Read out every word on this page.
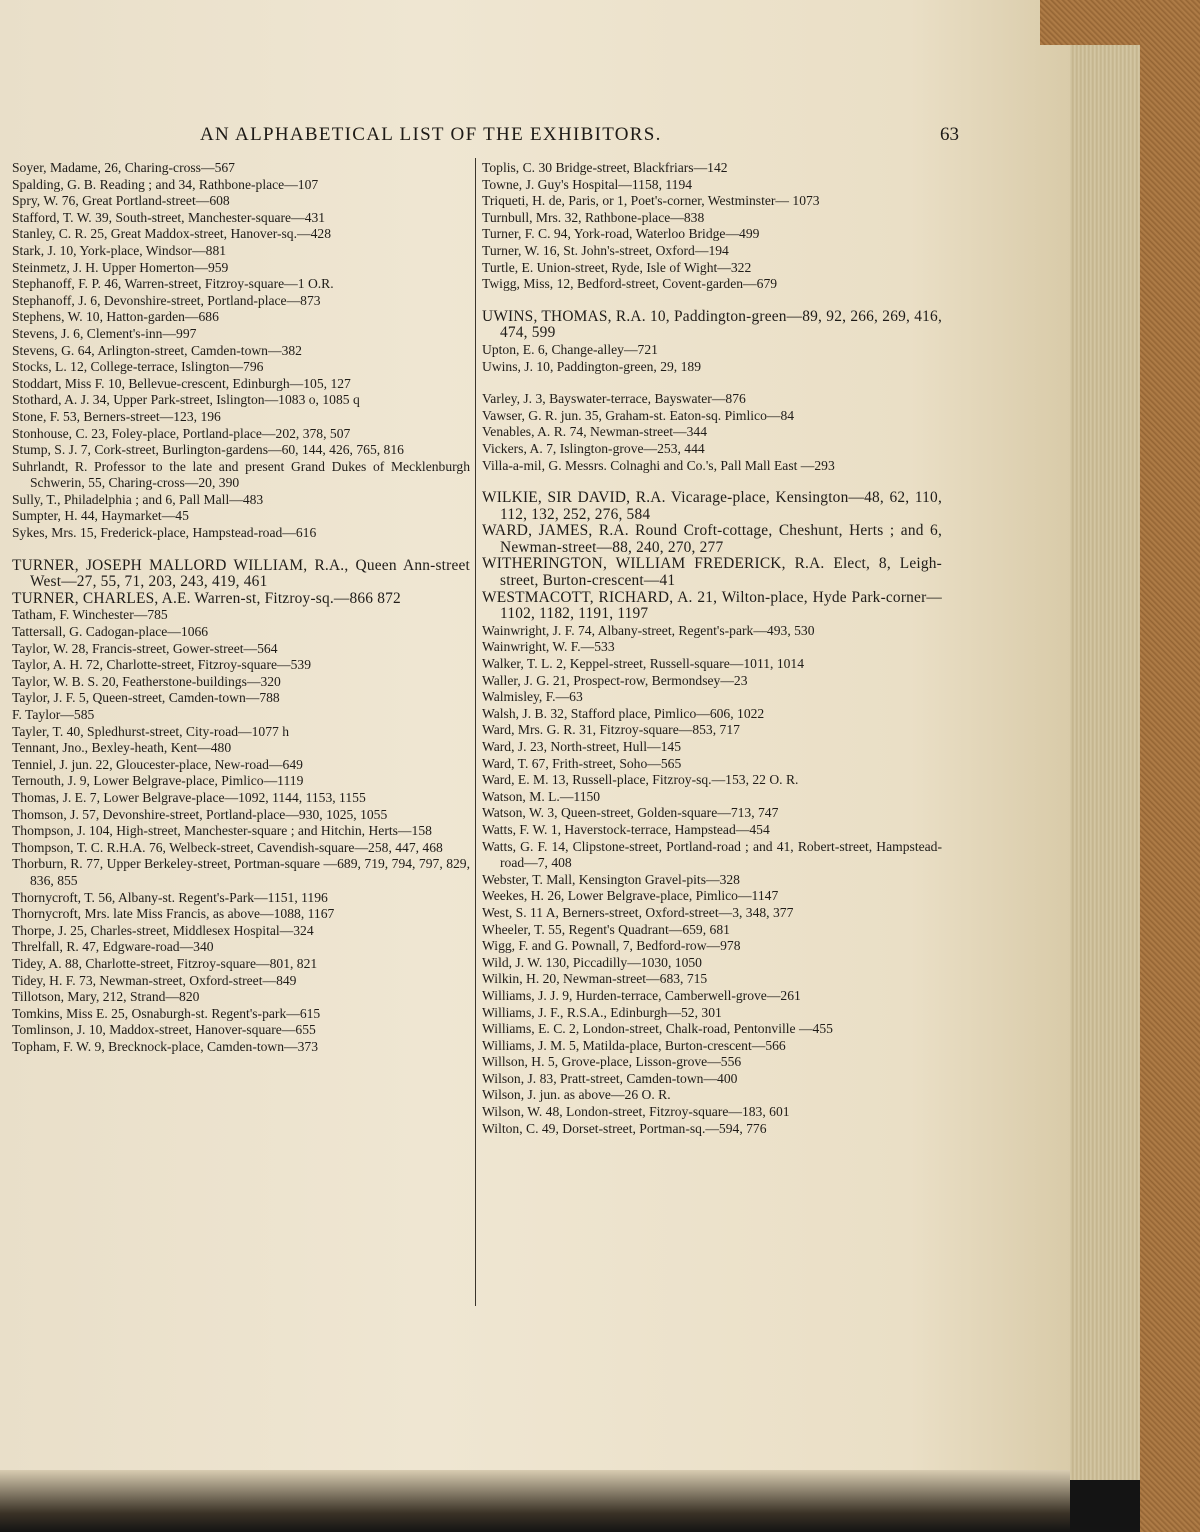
AN ALPHABETICAL LIST OF THE EXHIBITORS.	63
Soyer, Madame, 26, Charing-cross—567
Spalding, G. B. Reading ; and 34, Rathbone-place—107
Spry, W. 76, Great Portland-street—608
Stafford, T. W. 39, South-street, Manchester-square—431
Stanley, C. R. 25, Great Maddox-street, Hanover-sq.—428
Stark, J. 10, York-place, Windsor—881
Steinmetz, J. H. Upper Homerton—959
Stephanoff, F. P. 46, Warren-street, Fitzroy-square—1 O.R.
Stephanoff, J. 6, Devonshire-street, Portland-place—873
Stephens, W. 10, Hatton-garden—686
Stevens, J. 6, Clement's-inn—997
Stevens, G. 64, Arlington-street, Camden-town—382
Stocks, L. 12, College-terrace, Islington—796
Stoddart, Miss F. 10, Bellevue-crescent, Edinburgh—105, 127
Stothard, A. J. 34, Upper Park-street, Islington—1083 o, 1085 q
Stone, F. 53, Berners-street—123, 196
Stonhouse, C. 23, Foley-place, Portland-place—202, 378, 507
Stump, S. J. 7, Cork-street, Burlington-gardens—60, 144, 426, 765, 816
Suhrlandt, R. Professor to the late and present Grand Dukes of Mecklenburgh Schwerin, 55, Charing-cross—20, 390
Sully, T., Philadelphia ; and 6, Pall Mall—483
Sumpter, H. 44, Haymarket—45
Sykes, Mrs. 15, Frederick-place, Hampstead-road—616
TURNER, JOSEPH MALLORD WILLIAM, R.A., Queen Ann-street West—27, 55, 71, 203, 243, 419, 461
TURNER, CHARLES, A.E. Warren-st, Fitzroy-sq.—866 872
Tatham, F. Winchester—785
Tattersall, G. Cadogan-place—1066
Taylor, W. 28, Francis-street, Gower-street—564
Taylor, A. H. 72, Charlotte-street, Fitzroy-square—539
Taylor, W. B. S. 20, Featherstone-buildings—320
Taylor, J. F. 5, Queen-street, Camden-town—788
F. Taylor—585
Tayler, T. 40, Spledhurst-street, City-road—1077 h
Tennant, Jno., Bexley-heath, Kent—480
Tenniel, J. jun. 22, Gloucester-place, New-road—649
Ternouth, J. 9, Lower Belgrave-place, Pimlico—1119
Thomas, J. E. 7, Lower Belgrave-place—1092, 1144, 1153, 1155
Thomson, J. 57, Devonshire-street, Portland-place—930, 1025, 1055
Thompson, J. 104, High-street, Manchester-square ; and Hitchin, Herts—158
Thompson, T. C. R.H.A. 76, Welbeck-street, Cavendish-square—258, 447, 468
Thorburn, R. 77, Upper Berkeley-street, Portman-square —689, 719, 794, 797, 829, 836, 855
Thornycroft, T. 56, Albany-st. Regent's-Park—1151, 1196
Thornycroft, Mrs. late Miss Francis, as above—1088, 1167
Thorpe, J. 25, Charles-street, Middlesex Hospital—324
Threlfall, R. 47, Edgware-road—340
Tidey, A. 88, Charlotte-street, Fitzroy-square—801, 821
Tidey, H. F. 73, Newman-street, Oxford-street—849
Tillotson, Mary, 212, Strand—820
Tomkins, Miss E. 25, Osnaburgh-st. Regent's-park—615
Tomlinson, J. 10, Maddox-street, Hanover-square—655
Topham, F. W. 9, Brecknock-place, Camden-town—373
Toplis, C. 30 Bridge-street, Blackfriars—142
Towne, J. Guy's Hospital—1158, 1194
Triqueti, H. de, Paris, or 1, Poet's-corner, Westminster— 1073
Turnbull, Mrs. 32, Rathbone-place—838
Turner, F. C. 94, York-road, Waterloo Bridge—499
Turner, W. 16, St. John's-street, Oxford—194
Turtle, E. Union-street, Ryde, Isle of Wight—322
Twigg, Miss, 12, Bedford-street, Covent-garden—679
UWINS, THOMAS, R.A. 10, Paddington-green—89, 92, 266, 269, 416, 474, 599
Upton, E. 6, Change-alley—721
Uwins, J. 10, Paddington-green, 29, 189
Varley, J. 3, Bayswater-terrace, Bayswater—876
Vawser, G. R. jun. 35, Graham-st. Eaton-sq. Pimlico—84
Venables, A. R. 74, Newman-street—344
Vickers, A. 7, Islington-grove—253, 444
Villa-a-mil, G. Messrs. Colnaghi and Co.'s, Pall Mall East —293
WILKIE, SIR DAVID, R.A. Vicarage-place, Kensington—48, 62, 110, 112, 132, 252, 276, 584
WARD, JAMES, R.A. Round Croft-cottage, Cheshunt, Herts ; and 6, Newman-street—88, 240, 270, 277
WITHERINGTON, WILLIAM FREDERICK, R.A. Elect, 8, Leigh-street, Burton-crescent—41
WESTMACOTT, RICHARD, A. 21, Wilton-place, Hyde Park-corner—1102, 1182, 1191, 1197
Wainwright, J. F. 74, Albany-street, Regent's-park—493, 530
Wainwright, W. F.—533
Walker, T. L. 2, Keppel-street, Russell-square—1011, 1014
Waller, J. G. 21, Prospect-row, Bermondsey—23
Walmisley, F.—63
Walsh, J. B. 32, Stafford place, Pimlico—606, 1022
Ward, Mrs. G. R. 31, Fitzroy-square—853, 717
Ward, J. 23, North-street, Hull—145
Ward, T. 67, Frith-street, Soho—565
Ward, E. M. 13, Russell-place, Fitzroy-sq.—153, 22 O. R.
Watson, M. L.—1150
Watson, W. 3, Queen-street, Golden-square—713, 747
Watts, F. W. 1, Haverstock-terrace, Hampstead—454
Watts, G. F. 14, Clipstone-street, Portland-road ; and 41, Robert-street, Hampstead-road—7, 408
Webster, T. Mall, Kensington Gravel-pits—328
Weekes, H. 26, Lower Belgrave-place, Pimlico—1147
West, S. 11 A, Berners-street, Oxford-street—3, 348, 377
Wheeler, T. 55, Regent's Quadrant—659, 681
Wigg, F. and G. Pownall, 7, Bedford-row—978
Wild, J. W. 130, Piccadilly—1030, 1050
Wilkin, H. 20, Newman-street—683, 715
Williams, J. J. 9, Hurden-terrace, Camberwell-grove—261
Williams, J. F., R.S.A., Edinburgh—52, 301
Williams, E. C. 2, London-street, Chalk-road, Pentonville —455
Williams, J. M. 5, Matilda-place, Burton-crescent—566
Willson, H. 5, Grove-place, Lisson-grove—556
Wilson, J. 83, Pratt-street, Camden-town—400
Wilson, J. jun. as above—26 O. R.
Wilson, W. 48, London-street, Fitzroy-square—183, 601
Wilton, C. 49, Dorset-street, Portman-sq.—594, 776
